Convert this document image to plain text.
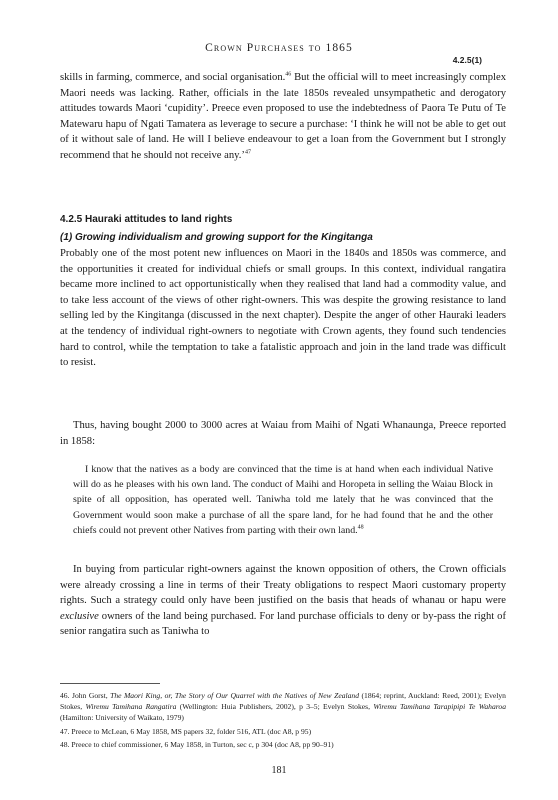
Crown Purchases to 1865
4.2.5(1)

skills in farming, commerce, and social organisation.$^{46}$ But the official will to meet increasingly complex Maori needs was lacking. Rather, officials in the late 1850s revealed unsympathetic and derogatory attitudes towards Maori ‘cupidity’. Preece even proposed to use the indebtedness of Paora Te Putu of Te Matewaru hapu of Ngati Tamatera as leverage to secure a purchase: ‘I think he will not be able to get out of it without sale of land. He will I believe endeavour to get a loan from the Government but I strongly recommend that he should not receive any.’$^{47}$

4.2.5 Hauraki attitudes to land rights
(1) Growing individualism and growing support for the Kingitanga

Probably one of the most potent new influences on Maori in the 1840s and 1850s was commerce, and the opportunities it created for individual chiefs or small groups. In this context, individual rangatira became more inclined to act opportunistically when they realised that land had a commodity value, and to take less account of the views of other right-owners. This was despite the growing resistance to land selling led by the Kingitanga (discussed in the next chapter). Despite the anger of other Hauraki leaders at the tendency of individual right-owners to negotiate with Crown agents, they found such tendencies hard to control, while the temptation to take a fatalistic approach and join in the land trade was difficult to resist.

Thus, having bought 2000 to 3000 acres at Waiau from Maihi of Ngati Whanaunga, Preece reported in 1858:

I know that the natives as a body are convinced that the time is at hand when each individual Native will do as he pleases with his own land. The conduct of Maihi and Horopeta in selling the Waiau Block in spite of all opposition, has operated well. Taniwha told me lately that he was convinced that the Government would soon make a purchase of all the spare land, for he had found that he and the other chiefs could not prevent other Natives from parting with their own land.$^{48}$

In buying from particular right-owners against the known opposition of others, the Crown officials were already crossing a line in terms of their Treaty obligations to respect Maori customary property rights. Such a strategy could only have been justified on the basis that heads of whanau or hapu were exclusive owners of the land being purchased. For land purchase officials to deny or by-pass the right of senior rangatira such as Taniwha to

46. John Gorst, The Maori King, or, The Story of Our Quarrel with the Natives of New Zealand (1864; reprint, Auckland: Reed, 2001); Evelyn Stokes, Wiremu Tamihana Rangatira (Wellington: Huia Publishers, 2002), p 3–5; Evelyn Stokes, Wiremu Tamihana Tarapipipi Te Waharoa (Hamilton: University of Waikato, 1979)

47. Preece to McLean, 6 May 1858, MS papers 32, folder 516, ATL (doc A8, p 95)

48. Preece to chief commissioner, 6 May 1858, in Turton, sec c, p 304 (doc A8, pp 90–91)

181
